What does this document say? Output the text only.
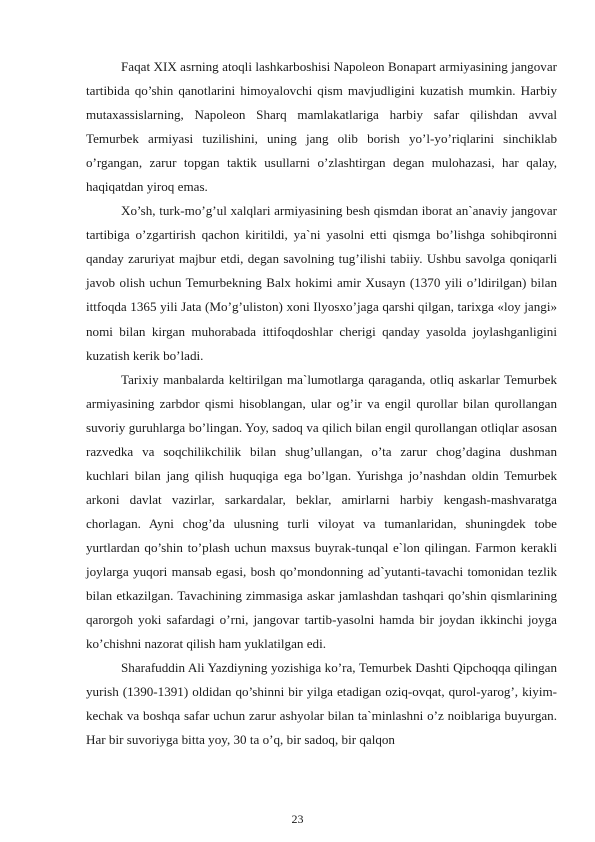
Faqat XIX asrning atoqli lashkarboshisi Napoleon Bonapart armiyasining jangovar tartibida qo’shin qanotlarini himoyalovchi qism mavjudligini kuzatish mumkin. Harbiy mutaxassislarning, Napoleon Sharq mamlakatlariga harbiy safar qilishdan avval Temurbek armiyasi tuzilishini, uning jang olib borish yo’l-yo’riqlarini sinchiklab o’rgangan, zarur topgan taktik usullarni o’zlashtirgan degan mulohazasi, har qalay, haqiqatdan yiroq emas.

Xo’sh, turk-mo’g’ul xalqlari armiyasining besh qismdan iborat an`anaviy jangovar tartibiga o’zgartirish qachon kiritildi, ya`ni yasolni etti qismga bo’lishga sohibqironni qanday zaruriyat majbur etdi, degan savolning tug’ilishi tabiiy. Ushbu savolga qoniqarli javob olish uchun Temurbekning Balx hokimi amir Xusayn (1370 yili o’ldirilgan) bilan ittfoqda 1365 yili Jata (Mo’g’uliston) xoni Ilyosxo’jaga qarshi qilgan, tarixga «loy jangi» nomi bilan kirgan muhorabada ittifoqdoshlar cherigi qanday yasolda joylashganligini kuzatish kerik bo’ladi.

Tarixiy manbalarda keltirilgan ma`lumotlarga qaraganda, otliq askarlar Temurbek armiyasining zarbdor qismi hisoblangan, ular og’ir va engil qurollar bilan qurollangan suvoriy guruhlarga bo’lingan. Yoy, sadoq va qilich bilan engil qurollangan otliqlar asosan razvedka va soqchilikchilik bilan shug’ullangan, o’ta zarur chog’dagina dushman kuchlari bilan jang qilish huquqiga ega bo’lgan. Yurishga jo’nashdan oldin Temurbek arkoni davlat vazirlar, sarkardalar, beklar, amirlarni harbiy kengash-mashvaratga chorlagan. Ayni chog’da ulusning turli viloyat va tumanlaridan, shuningdek tobe yurtlardan qo’shin to’plash uchun maxsus buyrak-tunqal e`lon qilingan. Farmon kerakli joylarga yuqori mansab egasi, bosh qo’mondonning ad`yutanti-tavachi tomonidan tezlik bilan etkazilgan. Tavachining zimmasiga askar jamlashdan tashqari qo’shin qismlarining qarorgoh yoki safardagi o’rni, jangovar tartib-yasolni hamda bir joydan ikkinchi joyga ko’chishni nazorat qilish ham yuklatilgan edi.

Sharafuddin Ali Yazdiyning yozishiga ko’ra, Temurbek Dashti Qipchoqqa qilingan yurish (1390-1391) oldidan qo’shinni bir yilga etadigan oziq-ovqat, qurol-yarog’, kiyim-kechak va boshqa safar uchun zarur ashyolar bilan ta`minlashni o’z noiblariga buyurgan. Har bir suvoriyga bitta yoy, 30 ta o’q, bir sadoq, bir qalqon

23
